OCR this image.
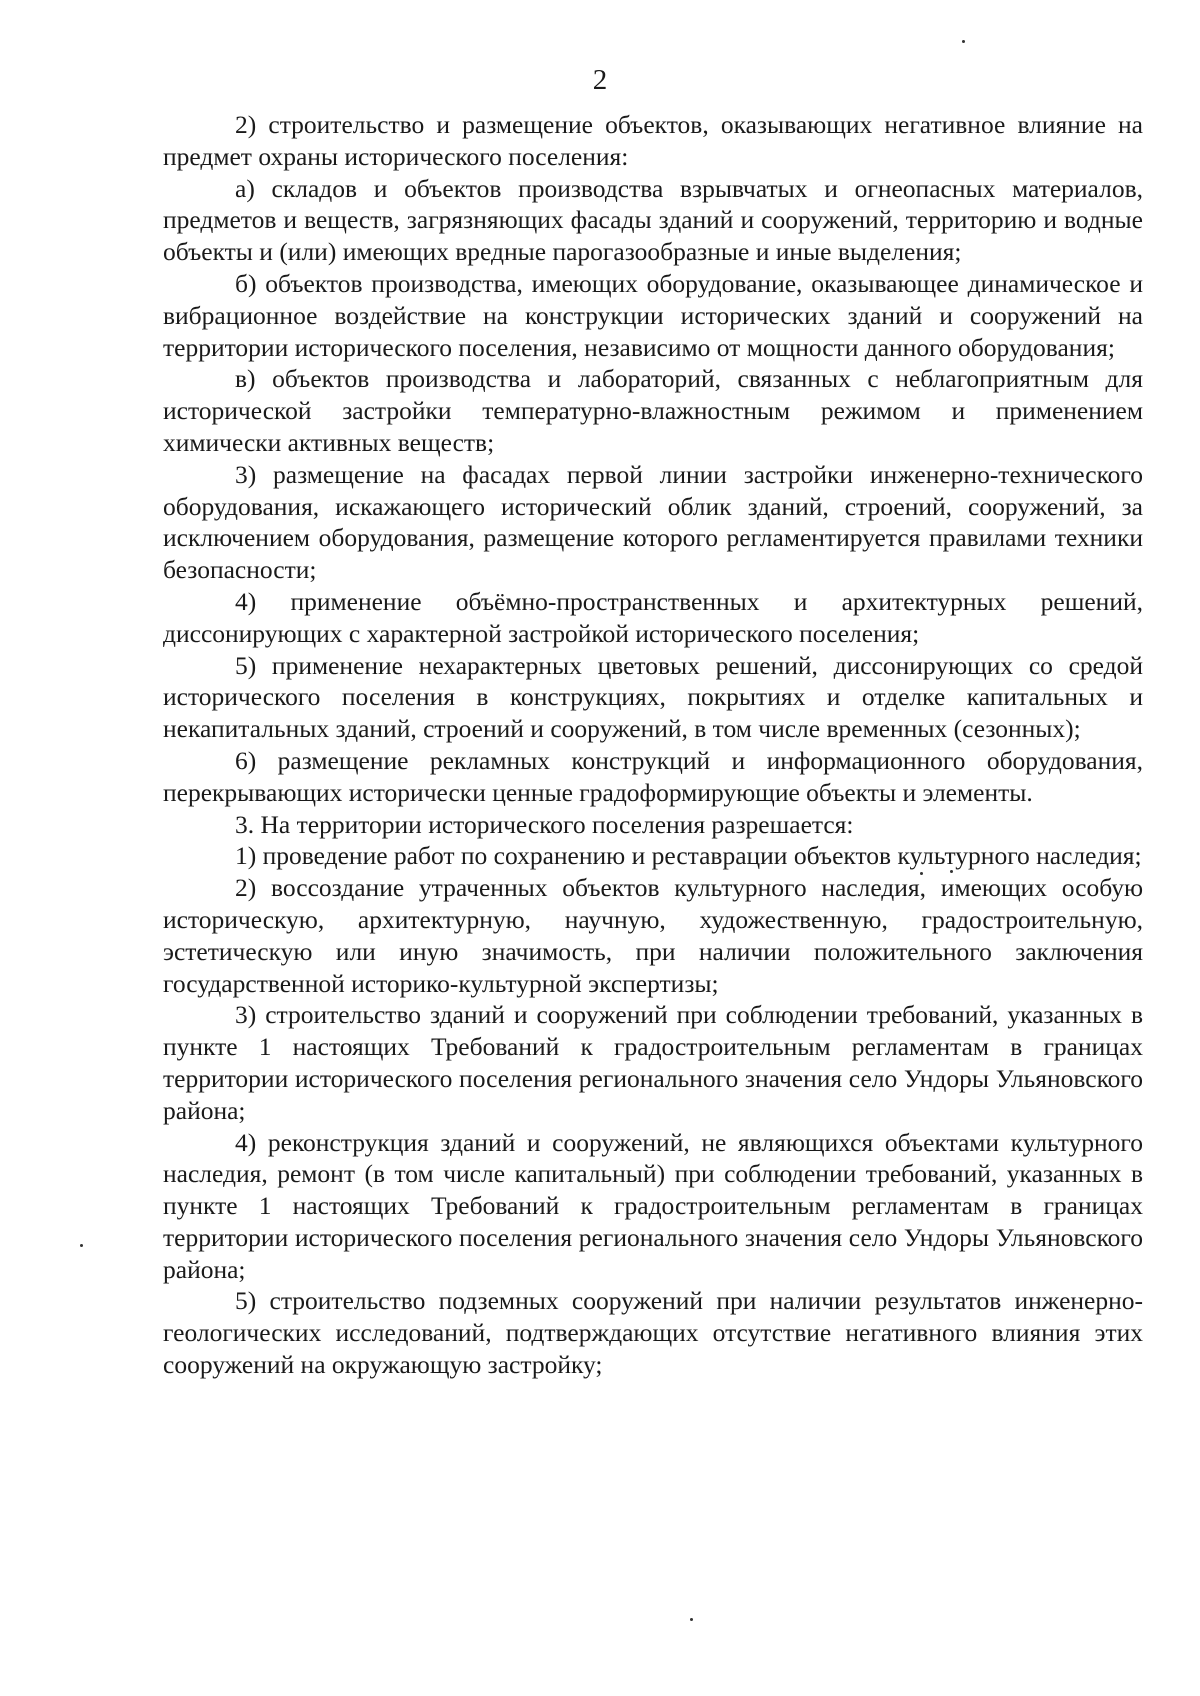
2

2) строительство и размещение объектов, оказывающих негативное влияние на предмет охраны исторического поселения:

а) складов и объектов производства взрывчатых и огнеопасных материалов, предметов и веществ, загрязняющих фасады зданий и сооружений, территорию и водные объекты и (или) имеющих вредные парогазообразные и иные выделения;

б) объектов производства, имеющих оборудование, оказывающее динамическое и вибрационное воздействие на конструкции исторических зданий и сооружений на территории исторического поселения, независимо от мощности данного оборудования;

в) объектов производства и лабораторий, связанных с неблагоприятным для исторической застройки температурно-влажностным режимом и применением химически активных веществ;

3) размещение на фасадах первой линии застройки инженерно-технического оборудования, искажающего исторический облик зданий, строений, сооружений, за исключением оборудования, размещение которого регламентируется правилами техники безопасности;

4) применение объёмно-пространственных и архитектурных решений, диссонирующих с характерной застройкой исторического поселения;

5) применение нехарактерных цветовых решений, диссонирующих со средой исторического поселения в конструкциях, покрытиях и отделке капитальных и некапитальных зданий, строений и сооружений, в том числе временных (сезонных);

6) размещение рекламных конструкций и информационного оборудования, перекрывающих исторически ценные градоформирующие объекты и элементы.

3. На территории исторического поселения разрешается:

1) проведение работ по сохранению и реставрации объектов культурного наследия;

2) воссоздание утраченных объектов культурного наследия, имеющих особую историческую, архитектурную, научную, художественную, градостроительную, эстетическую или иную значимость, при наличии положительного заключения государственной историко-культурной экспертизы;

3) строительство зданий и сооружений при соблюдении требований, указанных в пункте 1 настоящих Требований к градостроительным регламентам в границах территории исторического поселения регионального значения село Ундоры Ульяновского района;

4) реконструкция зданий и сооружений, не являющихся объектами культурного наследия, ремонт (в том числе капитальный) при соблюдении требований, указанных в пункте 1 настоящих Требований к градостроительным регламентам в границах территории исторического поселения регионального значения село Ундоры Ульяновского района;

5) строительство подземных сооружений при наличии результатов инженерно-геологических исследований, подтверждающих отсутствие негативного влияния этих сооружений на окружающую застройку;
